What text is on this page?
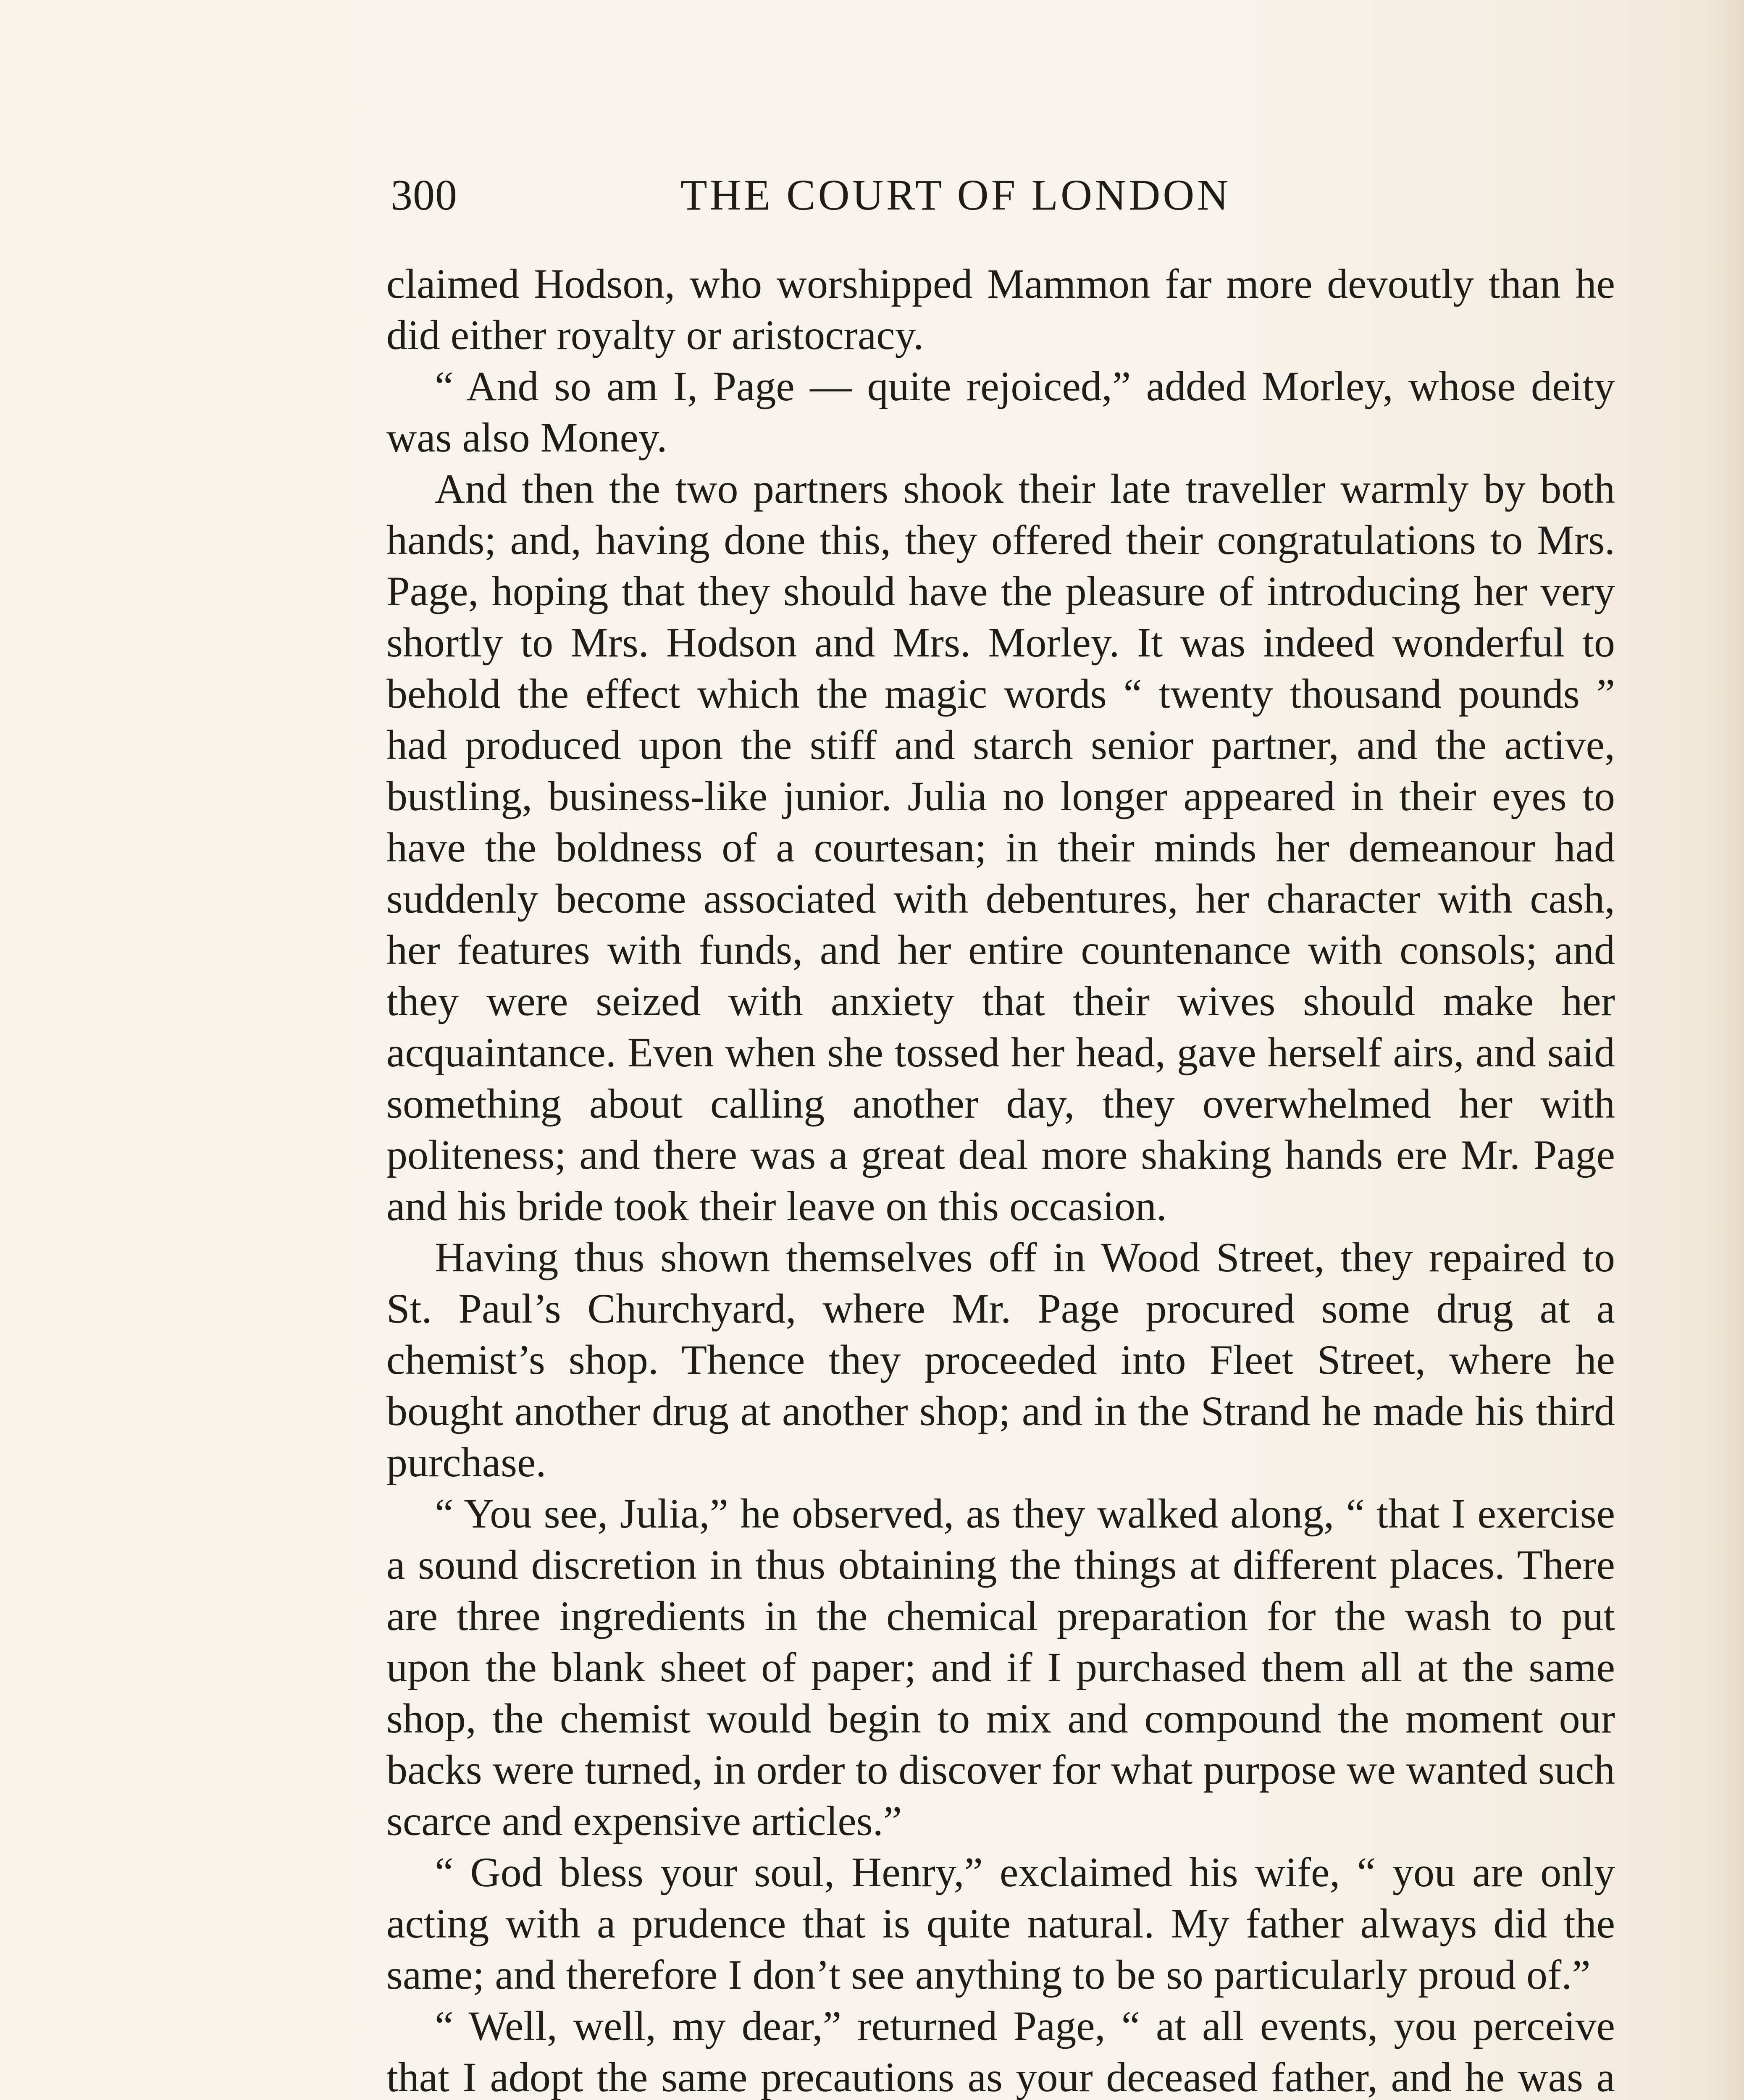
300	THE COURT OF LONDON

claimed Hodson, who worshipped Mammon far more devoutly than he did either royalty or aristocracy.

“ And so am I, Page — quite rejoiced,” added Morley, whose deity was also Money.

And then the two partners shook their late traveller warmly by both hands; and, having done this, they offered their congratulations to Mrs. Page, hoping that they should have the pleasure of introducing her very shortly to Mrs. Hodson and Mrs. Morley. It was indeed wonderful to behold the effect which the magic words “ twenty thousand pounds ” had produced upon the stiff and starch senior partner, and the active, bustling, business-like junior. Julia no longer appeared in their eyes to have the boldness of a courtesan; in their minds her demeanour had suddenly become associated with debentures, her character with cash, her features with funds, and her entire countenance with consols; and they were seized with anxiety that their wives should make her acquaintance. Even when she tossed her head, gave herself airs, and said something about calling another day, they overwhelmed her with politeness; and there was a great deal more shaking hands ere Mr. Page and his bride took their leave on this occasion.

Having thus shown themselves off in Wood Street, they repaired to St. Paul’s Churchyard, where Mr. Page procured some drug at a chemist’s shop. Thence they proceeded into Fleet Street, where he bought another drug at another shop; and in the Strand he made his third purchase.

“ You see, Julia,” he observed, as they walked along, “ that I exercise a sound discretion in thus obtaining the things at different places. There are three ingredients in the chemical preparation for the wash to put upon the blank sheet of paper; and if I purchased them all at the same shop, the chemist would begin to mix and compound the moment our backs were turned, in order to discover for what purpose we wanted such scarce and expensive articles.”

“ God bless your soul, Henry,” exclaimed his wife, “ you are only acting with a prudence that is quite natural. My father always did the same; and therefore I don’t see anything to be so particularly proud of.”

“ Well, well, my dear,” returned Page, “ at all events, you perceive that I adopt the same precautions as your deceased father, and he was a
